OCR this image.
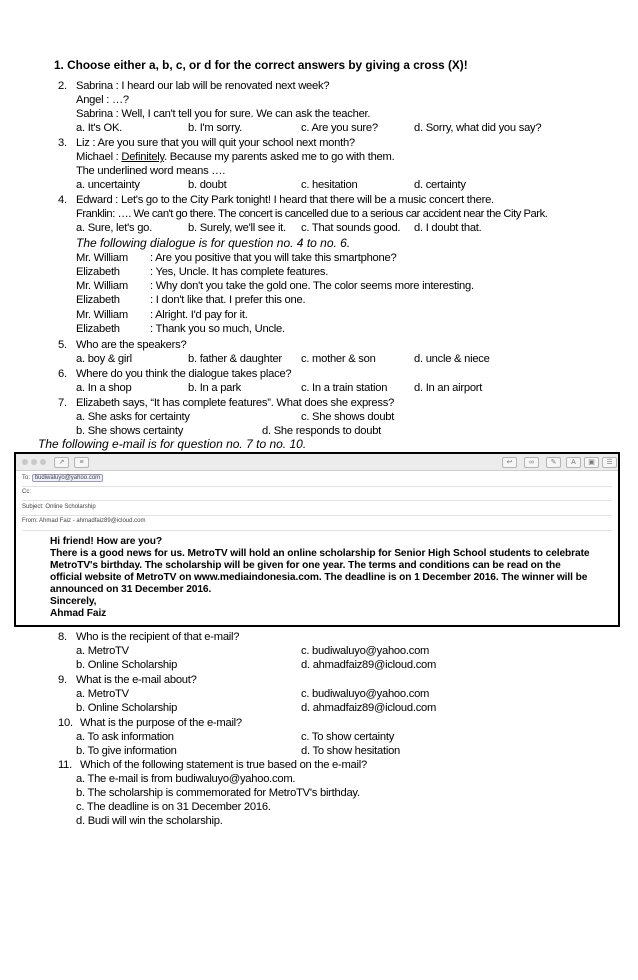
1. Choose either a, b, c, or d for the correct answers by giving a cross (X)!
2. Sabrina : I heard our lab will be renovated next week?
Angel : …?
Sabrina : Well, I can't tell you for sure. We can ask the teacher.
a. It's OK.	b. I'm sorry.	c. Are you sure?	d. Sorry, what did you say?
3. Liz : Are you sure that you will quit your school next month?
Michael : Definitely. Because my parents asked me to go with them.
The underlined word means ….
a. uncertainty	b. doubt	c. hesitation	d. certainty
4. Edward : Let's go to the City Park tonight! I heard that there will be a music concert there.
Franklin: …. We can't go there. The concert is cancelled due to a serious car accident near the City Park.
a. Sure, let's go.	b. Surely, we'll see it. c. That sounds good. d. I doubt that.
The following dialogue is for question no. 4 to no. 6.
Mr. William : Are you positive that you will take this smartphone?
Elizabeth	: Yes, Uncle. It has complete features.
Mr. William : Why don't you take the gold one. The color seems more interesting.
Elizabeth	: I don't like that. I prefer this one.
Mr. William : Alright. I'd pay for it.
Elizabeth	: Thank you so much, Uncle.
5. Who are the speakers?
a. boy & girl	b. father & daughter c. mother & son	d. uncle & niece
6. Where do you think the dialogue takes place?
a. In a shop	b. In a park	c. In a train station d. In an airport
7. Elizabeth says, “It has complete features”. What does she express?
a. She asks for certainty	c. She shows doubt
b. She shows certainty	d. She responds to doubt
The following e-mail is for question no. 7 to no. 10.
↗	≡	↩	∞	✎	A	▣	☰
To: budiwaluyo@yahoo.com
Cc:
Subject: Online Scholarship
From: Ahmad Faiz - ahmadfaiz89@icloud.com
Hi friend! How are you?
There is a good news for us. MetroTV will hold an online scholarship for Senior High School students to celebrate
MetroTV's birthday. The scholarship will be given for one year. The terms and conditions can be read on the
official website of MetroTV on www.mediaindonesia.com. The deadline is on 1 December 2016. The winner will be
announced on 31 December 2016.
Sincerely,
Ahmad Faiz
8. Who is the recipient of that e-mail?
a. MetroTV	c. budiwaluyo@yahoo.com
b. Online Scholarship	d. ahmadfaiz89@icloud.com
9. What is the e-mail about?
a. MetroTV	c. budiwaluyo@yahoo.com
b. Online Scholarship	d. ahmadfaiz89@icloud.com
10. What is the purpose of the e-mail?
a. To ask information	c. To show certainty
b. To give information	d. To show hesitation
11. Which of the following statement is true based on the e-mail?
a. The e-mail is from budiwaluyo@yahoo.com.
b. The scholarship is commemorated for MetroTV's birthday.
c. The deadline is on 31 December 2016.
d. Budi will win the scholarship.
